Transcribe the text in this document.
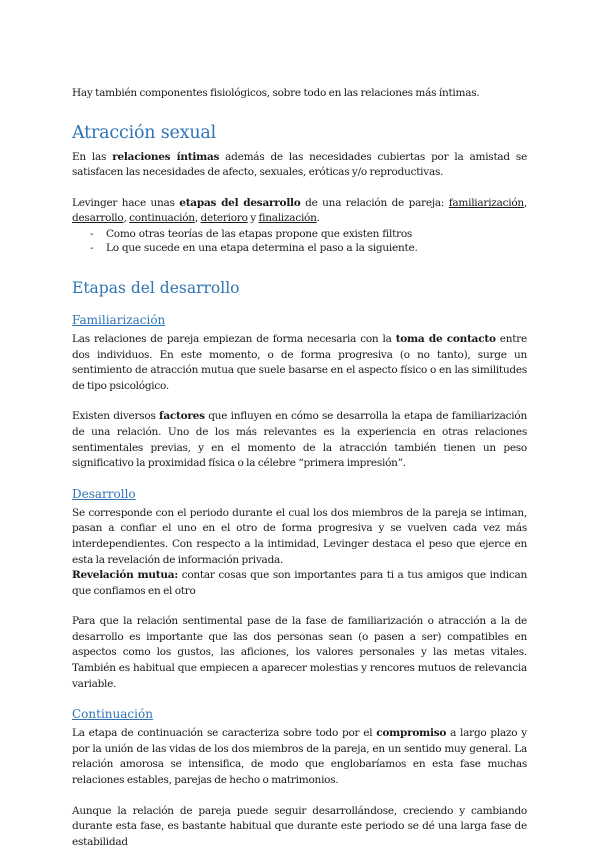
Hay también componentes fisiológicos, sobre todo en las relaciones más íntimas.

Atracción sexual

En las relaciones íntimas además de las necesidades cubiertas por la amistad se satisfacen las necesidades de afecto, sexuales, eróticas y/o reproductivas.

Levinger hace unas etapas del desarrollo de una relación de pareja: familiarización, desarrollo, continuación, deterioro y finalización.

- Como otras teorías de las etapas propone que existen filtros
- Lo que sucede en una etapa determina el paso a la siguiente.
Etapas del desarrollo
Familiarización

Las relaciones de pareja empiezan de forma necesaria con la toma de contacto entre dos individuos. En este momento, o de forma progresiva (o no tanto), surge un sentimiento de atracción mutua que suele basarse en el aspecto físico o en las similitudes de tipo psicológico.

Existen diversos factores que influyen en cómo se desarrolla la etapa de familiarización de una relación. Uno de los más relevantes es la experiencia en otras relaciones sentimentales previas, y en el momento de la atracción también tienen un peso significativo la proximidad física o la célebre “primera impresión”.

Desarrollo

Se corresponde con el periodo durante el cual los dos miembros de la pareja se intiman, pasan a confiar el uno en el otro de forma progresiva y se vuelven cada vez más interdependientes. Con respecto a la intimidad, Levinger destaca el peso que ejerce en esta la revelación de información privada.

Revelación mutua: contar cosas que son importantes para ti a tus amigos que indican que confiamos en el otro

Para que la relación sentimental pase de la fase de familiarización o atracción a la de desarrollo es importante que las dos personas sean (o pasen a ser) compatibles en aspectos como los gustos, las aficiones, los valores personales y las metas vitales. También es habitual que empiecen a aparecer molestias y rencores mutuos de relevancia variable.

Continuación

La etapa de continuación se caracteriza sobre todo por el compromiso a largo plazo y por la unión de las vidas de los dos miembros de la pareja, en un sentido muy general. La relación amorosa se intensifica, de modo que englobaríamos en esta fase muchas relaciones estables, parejas de hecho o matrimonios.

Aunque la relación de pareja puede seguir desarrollándose, creciendo y cambiando durante esta fase, es bastante habitual que durante este periodo se dé una larga fase de estabilidad
